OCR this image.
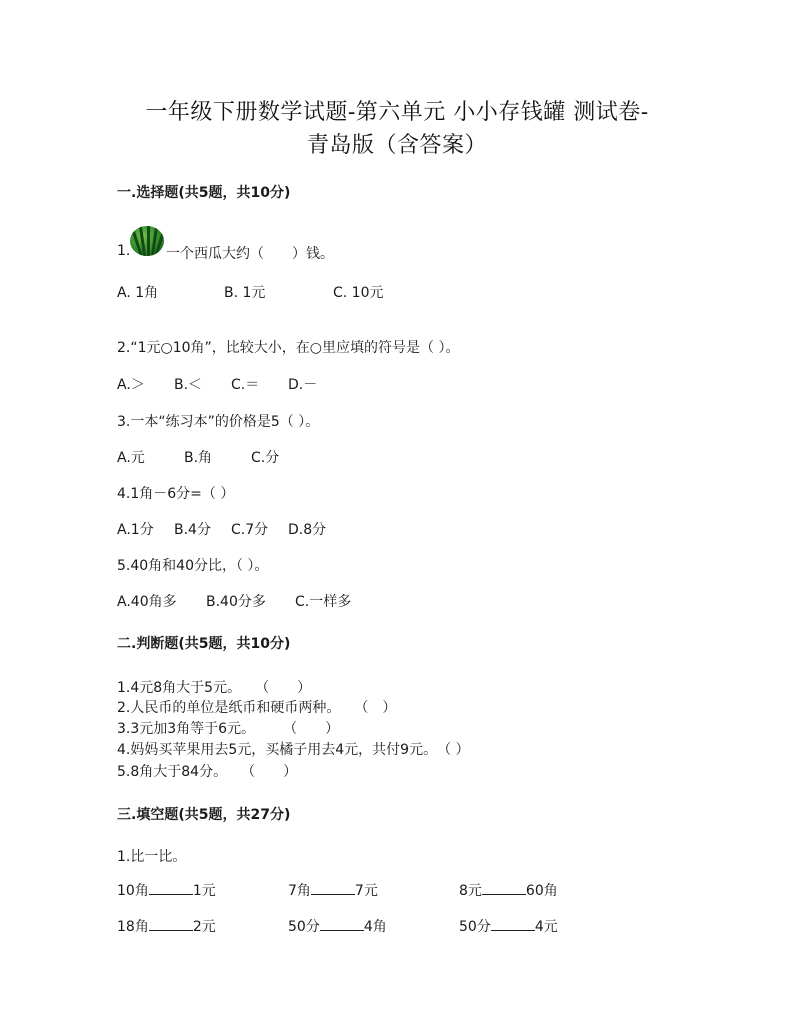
一年级下册数学试题-第六单元 小小存钱罐 测试卷-
青岛版（含答案）
一.选择题(共5题，共10分)
1.	一个西瓜大约（　　）钱。
A. 1角	B. 1元	C. 10元
2.“1元○10角”，比较大小，在○里应填的符号是（ ）。
A.＞ B.＜ C.＝ D.－
3.一本“练习本”的价格是5（ ）。
A.元	B.角	C.分
4.1角－6分=（ ）
A.1分 B.4分 C.7分 D.8分
5.40角和40分比，（ ）。
A.40角多 B.40分多 C.一样多
二.判断题(共5题，共10分)
1.4元8角大于5元。　　（　　）
2.人民币的单位是纸币和硬币两种。　　（　）
3.3元加3角等于6元。　　　（　　）
4.妈妈买苹果用去5元，买橘子用去4元，共付9元。　（ ）
5.8角大于84分。　　（　　）
三.填空题(共5题，共27分)
1.比一比。
10角	1元	7角	7元	8元	60角
18角	2元	50分	4角	50分	4元
